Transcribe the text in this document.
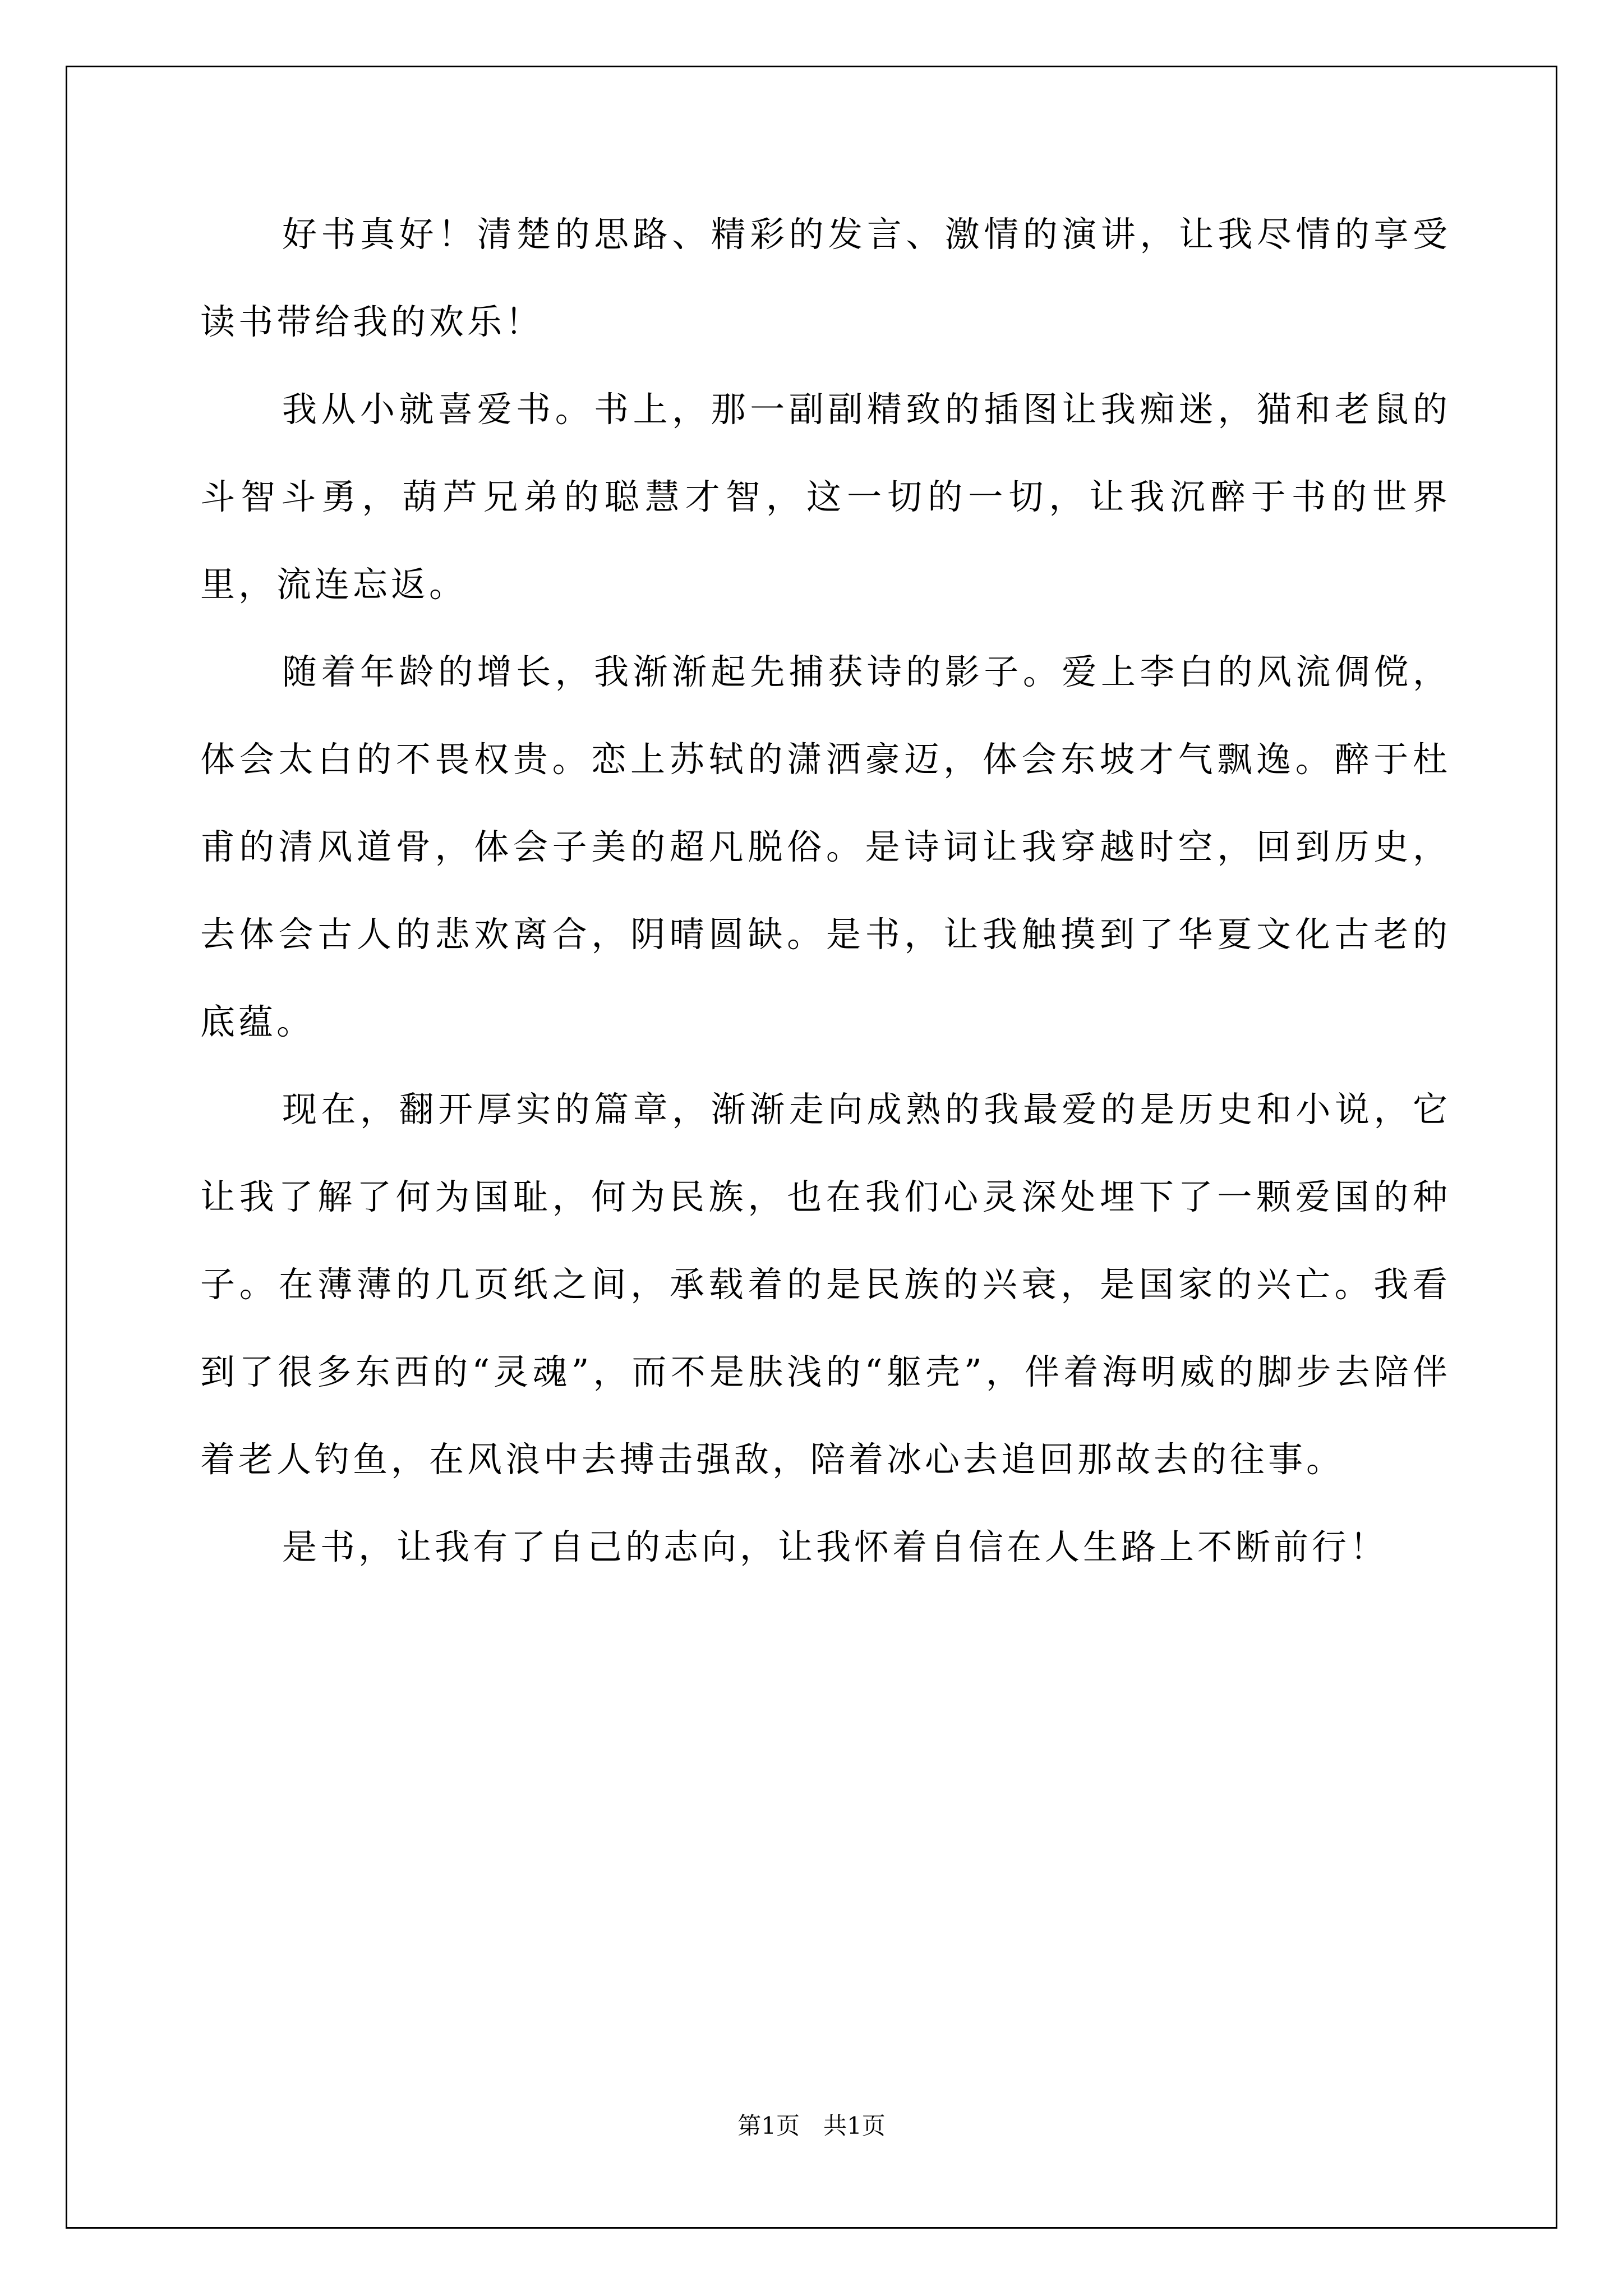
好书真好！清楚的思路、精彩的发言、激情的演讲，让我尽情的享受读书带给我的欢乐！

我从小就喜爱书。书上，那一副副精致的插图让我痴迷，猫和老鼠的斗智斗勇，葫芦兄弟的聪慧才智，这一切的一切，让我沉醉于书的世界里，流连忘返。

随着年龄的增长，我渐渐起先捕获诗的影子。爱上李白的风流倜傥，体会太白的不畏权贵。恋上苏轼的潇洒豪迈，体会东坡才气飘逸。醉于杜甫的清风道骨，体会子美的超凡脱俗。是诗词让我穿越时空，回到历史，去体会古人的悲欢离合，阴晴圆缺。是书，让我触摸到了华夏文化古老的底蕴。

现在，翻开厚实的篇章，渐渐走向成熟的我最爱的是历史和小说，它让我了解了何为国耻，何为民族，也在我们心灵深处埋下了一颗爱国的种子。在薄薄的几页纸之间，承载着的是民族的兴衰，是国家的兴亡。我看到了很多东西的“灵魂”，而不是肤浅的“躯壳”，伴着海明威的脚步去陪伴着老人钓鱼，在风浪中去搏击强敌，陪着冰心去追回那故去的往事。

是书，让我有了自己的志向，让我怀着自信在人生路上不断前行！

第1页　共1页
